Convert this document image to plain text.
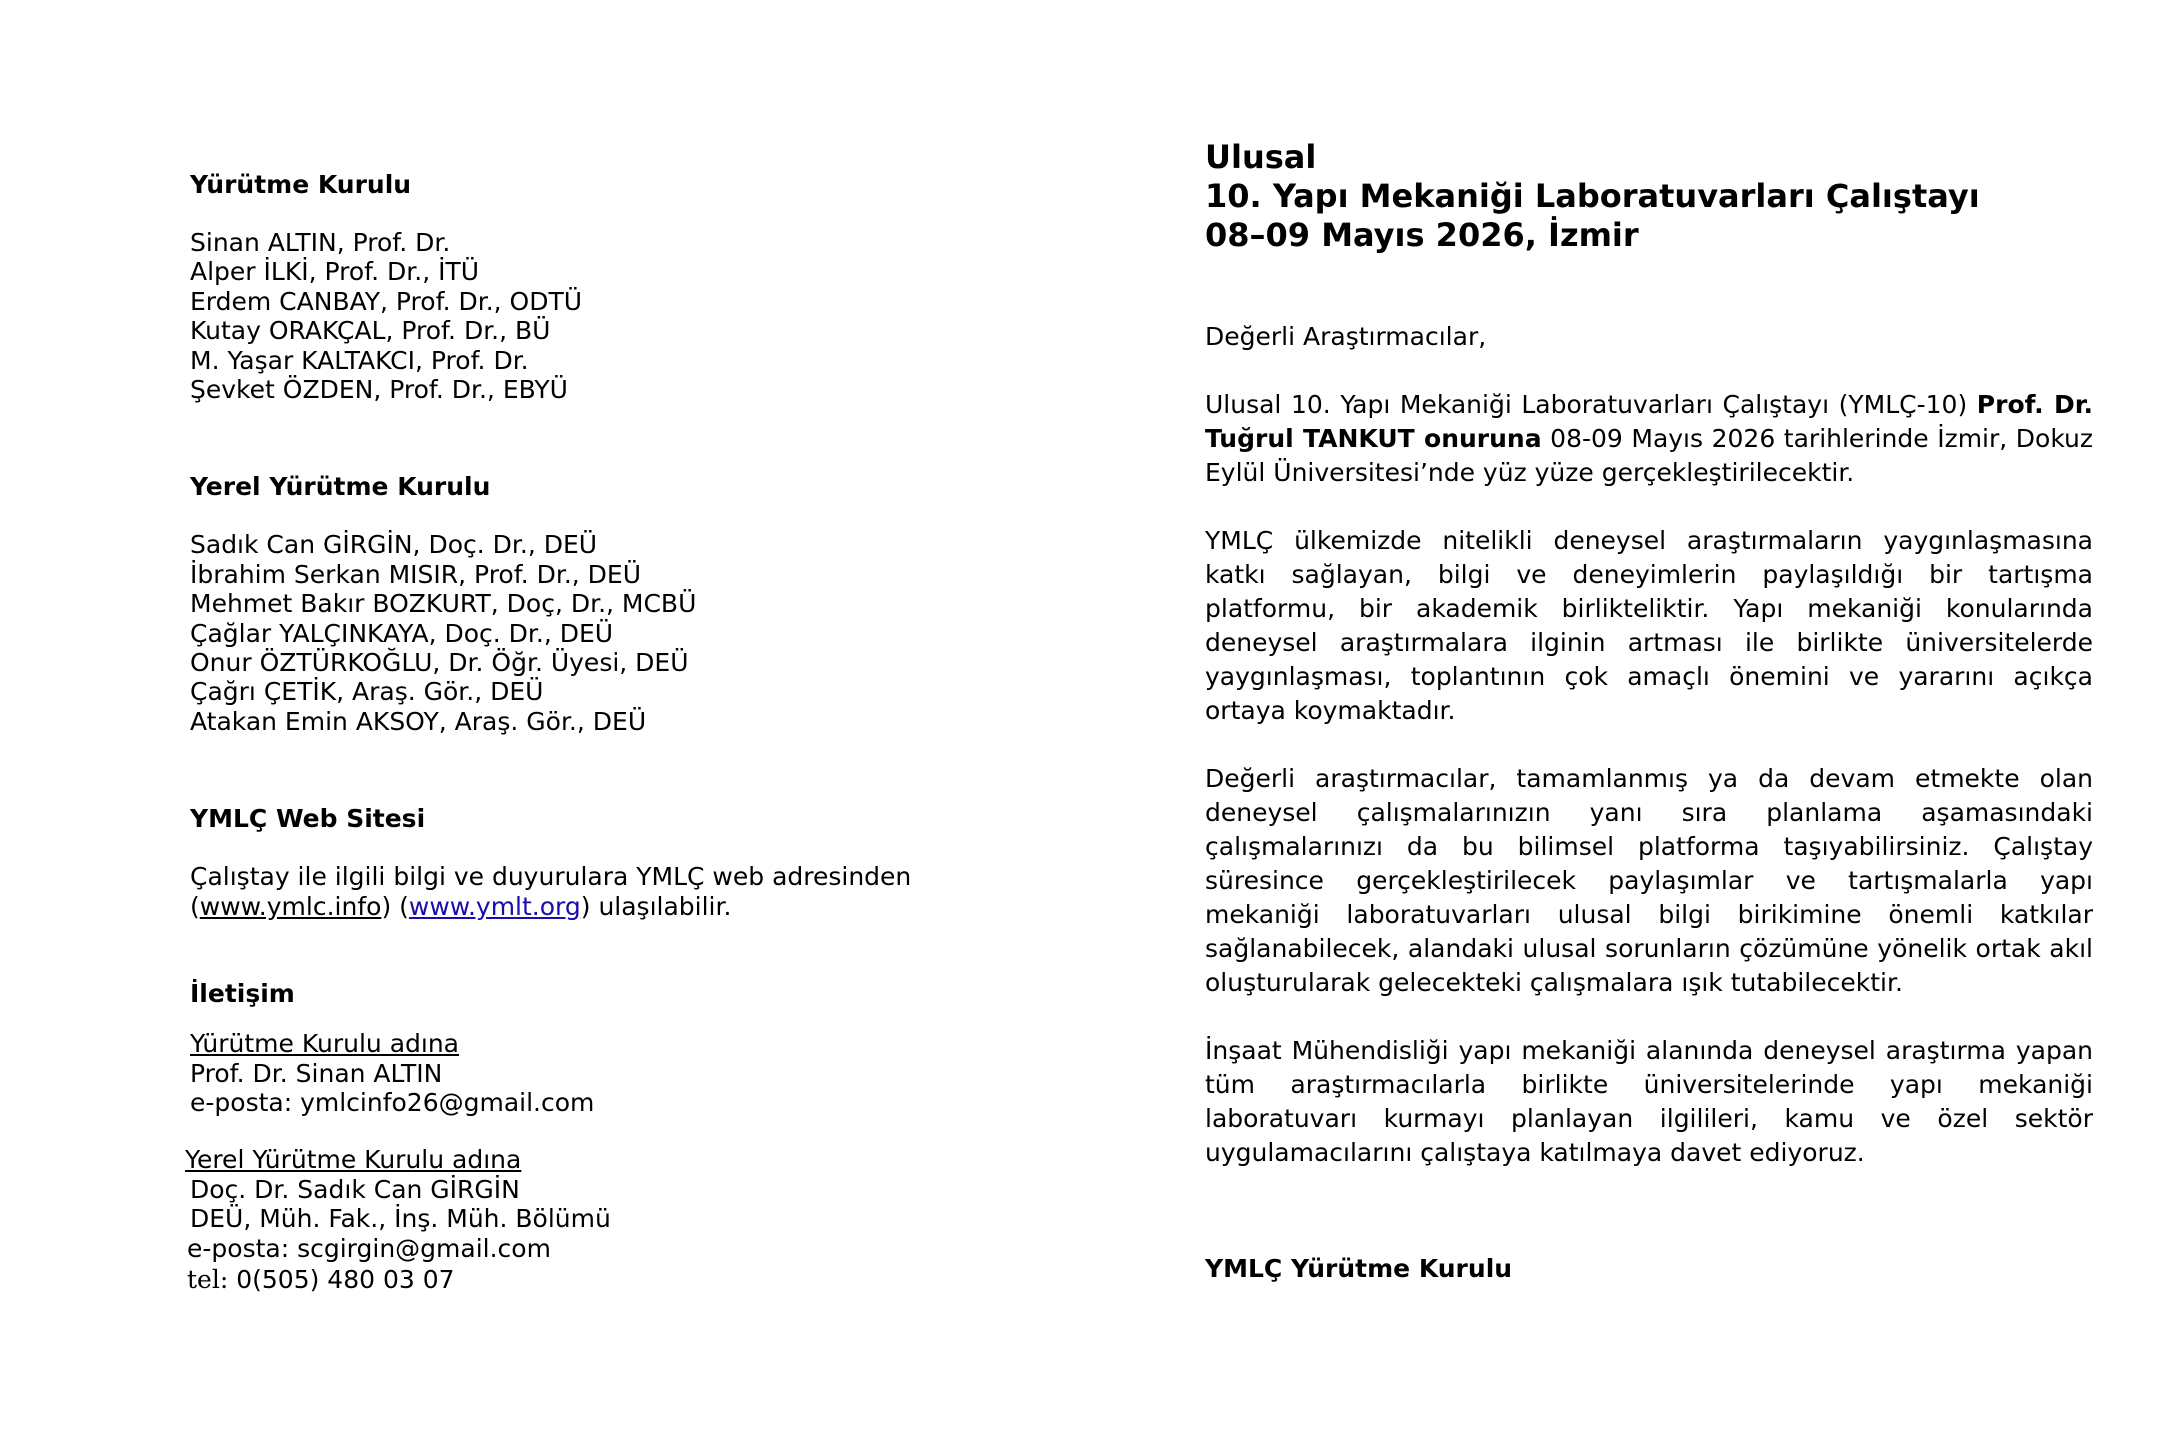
Yürütme Kurulu
Sinan ALTIN, Prof. Dr.
Alper İLKİ, Prof. Dr., İTÜ
Erdem CANBAY, Prof. Dr., ODTÜ
Kutay ORAKÇAL, Prof. Dr., BÜ
M. Yaşar KALTAKCI, Prof. Dr.
Şevket ÖZDEN, Prof. Dr., EBYÜ
Yerel Yürütme Kurulu
Sadık Can GİRGİN, Doç. Dr., DEÜ
İbrahim Serkan MISIR, Prof. Dr., DEÜ
Mehmet Bakır BOZKURT, Doç, Dr., MCBÜ
Çağlar YALÇINKAYA, Doç. Dr., DEÜ
Onur ÖZTÜRKOĞLU, Dr. Öğr. Üyesi, DEÜ
Çağrı ÇETİK, Araş. Gör., DEÜ
Atakan Emin AKSOY, Araş. Gör., DEÜ
YMLÇ Web Sitesi
Çalıştay ile ilgili bilgi ve duyurulara YMLÇ web adresinden
(www.ymlc.info) (www.ymlt.org) ulaşılabilir.
İletişim
Yürütme Kurulu adına
Prof. Dr. Sinan ALTIN
e-posta: ymlcinfo26@gmail.com
Yerel Yürütme Kurulu adına
Doç. Dr. Sadık Can GİRGİN
DEÜ, Müh. Fak., İnş. Müh. Bölümü
e-posta: scgirgin@gmail.com
tel: 0(505) 480 03 07
Ulusal
10. Yapı Mekaniği Laboratuvarları Çalıştayı
08–09 Mayıs 2026, İzmir

Değerli Araştırmacılar,

Ulusal 10. Yapı Mekaniği Laboratuvarları Çalıştayı (YMLÇ-10) Prof. Dr. Tuğrul TANKUT onuruna 08-09 Mayıs 2026 tarihlerinde İzmir, Dokuz Eylül Üniversitesi’nde yüz yüze gerçekleştirilecektir.

YMLÇ ülkemizde nitelikli deneysel araştırmaların yaygınlaşmasına katkı sağlayan, bilgi ve deneyimlerin paylaşıldığı bir tartışma platformu, bir akademik birlikteliktir. Yapı mekaniği konularında deneysel araştırmalara ilginin artması ile birlikte üniversitelerde yaygınlaşması, toplantının çok amaçlı önemini ve yararını açıkça ortaya koymaktadır.

Değerli araştırmacılar, tamamlanmış ya da devam etmekte olan deneysel çalışmalarınızın yanı sıra planlama aşamasındaki çalışmalarınızı da bu bilimsel platforma taşıyabilirsiniz. Çalıştay süresince gerçekleştirilecek paylaşımlar ve tartışmalarla yapı mekaniği laboratuvarları ulusal bilgi birikimine önemli katkılar sağlanabilecek, alandaki ulusal sorunların çözümüne yönelik ortak akıl oluşturularak gelecekteki çalışmalara ışık tutabilecektir.

İnşaat Mühendisliği yapı mekaniği alanında deneysel araştırma yapan tüm araştırmacılarla birlikte üniversitelerinde yapı mekaniği laboratuvarı kurmayı planlayan ilgilileri, kamu ve özel sektör uygulamacılarını çalıştaya katılmaya davet ediyoruz.

YMLÇ Yürütme Kurulu
